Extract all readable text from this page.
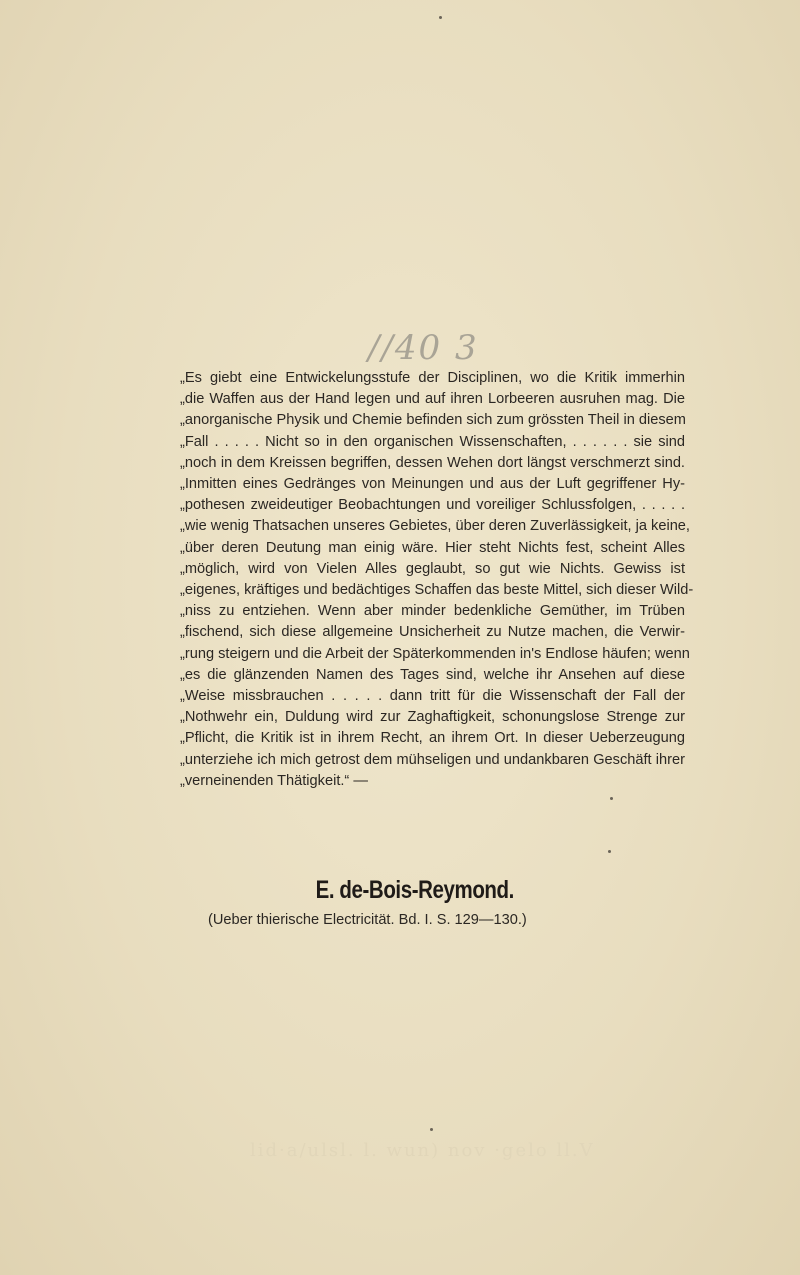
//40 3
„Es giebt eine Entwickelungsstufe der Disciplinen, wo die Kritik immerhin
„die Waffen aus der Hand legen und auf ihren Lorbeeren ausruhen mag. Die
„anorganische Physik und Chemie befinden sich zum grössten Theil in diesem
„Fall . . . . . Nicht so in den organischen Wissenschaften, . . . . . . sie sind
„noch in dem Kreissen begriffen, dessen Wehen dort längst verschmerzt sind.
„Inmitten eines Gedränges von Meinungen und aus der Luft gegriffener Hy-
„pothesen zweideutiger Beobachtungen und voreiliger Schlussfolgen, . . . . .
„wie wenig Thatsachen unseres Gebietes, über deren Zuverlässigkeit, ja keine,
„über deren Deutung man einig wäre. Hier steht Nichts fest, scheint Alles
„möglich, wird von Vielen Alles geglaubt, so gut wie Nichts. Gewiss ist
„eigenes, kräftiges und bedächtiges Schaffen das beste Mittel, sich dieser Wild-
„niss zu entziehen. Wenn aber minder bedenkliche Gemüther, im Trüben
„fischend, sich diese allgemeine Unsicherheit zu Nutze machen, die Verwir-
„rung steigern und die Arbeit der Späterkommenden in's Endlose häufen; wenn
„es die glänzenden Namen des Tages sind, welche ihr Ansehen auf diese
„Weise missbrauchen . . . . . dann tritt für die Wissenschaft der Fall der
„Nothwehr ein, Duldung wird zur Zaghaftigkeit, schonungslose Strenge zur
„Pflicht, die Kritik ist in ihrem Recht, an ihrem Ort. In dieser Ueberzeugung
„unterziehe ich mich getrost dem mühseligen und undankbaren Geschäft ihrer
„verneinenden Thätigkeit.“ —
E. de-Bois-Reymond.
(Ueber thierische Electricität. Bd. I. S. 129—130.)
lid·a/ulsl. l. wun) nov ·gelo ll.V
